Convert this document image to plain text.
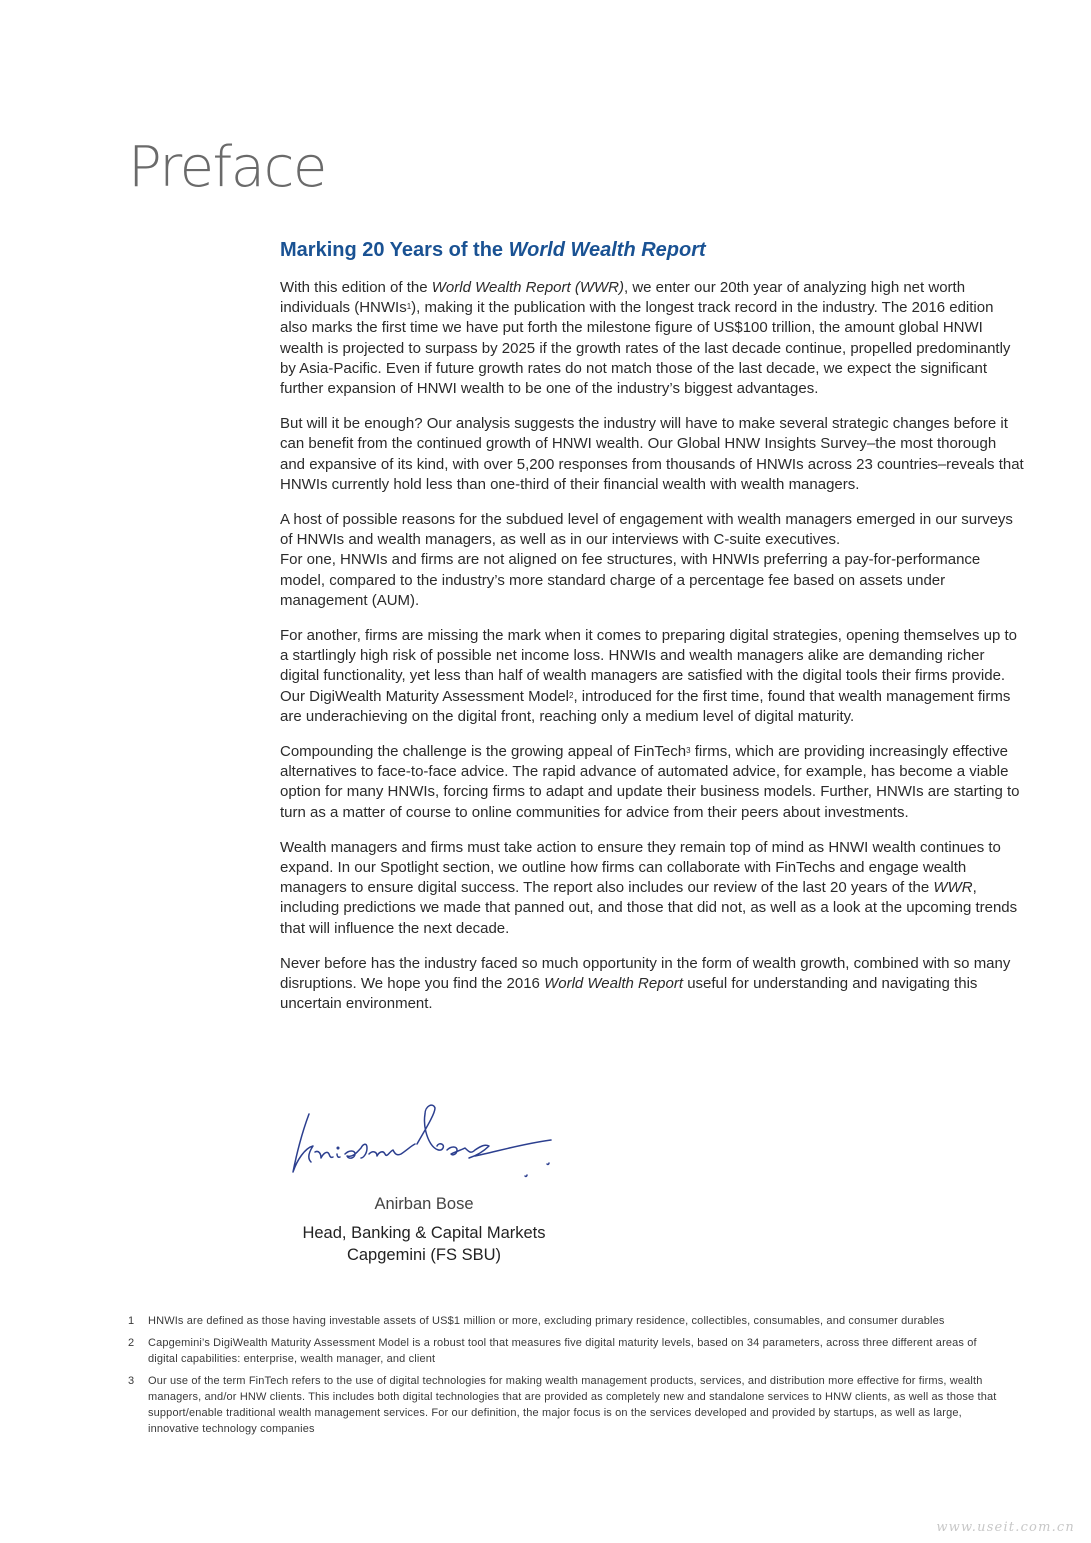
Preface
Marking 20 Years of the World Wealth Report

With this edition of the World Wealth Report (WWR), we enter our 20th year of analyzing high net worth individuals (HNWIs$^1$), making it the publication with the longest track record in the industry. The 2016 edition also marks the first time we have put forth the milestone figure of US$100 trillion, the amount global HNWI wealth is projected to surpass by 2025 if the growth rates of the last decade continue, propelled predominantly by Asia-Pacific. Even if future growth rates do not match those of the last decade, we expect the significant further expansion of HNWI wealth to be one of the industry’s biggest advantages.

But will it be enough? Our analysis suggests the industry will have to make several strategic changes before it can benefit from the continued growth of HNWI wealth. Our Global HNW Insights Survey–the most thorough and expansive of its kind, with over 5,200 responses from thousands of HNWIs across 23 countries–reveals that HNWIs currently hold less than one-third of their financial wealth with wealth managers.

A host of possible reasons for the subdued level of engagement with wealth managers emerged in our surveys of HNWIs and wealth managers, as well as in our interviews with C-suite executives.
For one, HNWIs and firms are not aligned on fee structures, with HNWIs preferring a pay-for-performance model, compared to the industry’s more standard charge of a percentage fee based on assets under management (AUM).

For another, firms are missing the mark when it comes to preparing digital strategies, opening themselves up to a startlingly high risk of possible net income loss. HNWIs and wealth managers alike are demanding richer digital functionality, yet less than half of wealth managers are satisfied with the digital tools their firms provide. Our DigiWealth Maturity Assessment Model$^2$, introduced for the first time, found that wealth management firms are underachieving on the digital front, reaching only a medium level of digital maturity.

Compounding the challenge is the growing appeal of FinTech$^3$ firms, which are providing increasingly effective alternatives to face-to-face advice. The rapid advance of automated advice, for example, has become a viable option for many HNWIs, forcing firms to adapt and update their business models. Further, HNWIs are starting to turn as a matter of course to online communities for advice from their peers about investments.

Wealth managers and firms must take action to ensure they remain top of mind as HNWI wealth continues to expand. In our Spotlight section, we outline how firms can collaborate with FinTechs and engage wealth managers to ensure digital success. The report also includes our review of the last 20 years of the WWR, including predictions we made that panned out, and those that did not, as well as a look at the upcoming trends that will influence the next decade.

Never before has the industry faced so much opportunity in the form of wealth growth, combined with so many disruptions. We hope you find the 2016 World Wealth Report useful for understanding and navigating this uncertain environment.

Anirban Bose

Head, Banking & Capital Markets

Capgemini (FS SBU)

1	HNWIs are defined as those having investable assets of US$1 million or more, excluding primary residence, collectibles, consumables, and consumer durables
2	Capgemini’s DigiWealth Maturity Assessment Model is a robust tool that measures five digital maturity levels, based on 34 parameters, across three different areas of digital capabilities: enterprise, wealth manager, and client
3	Our use of the term FinTech refers to the use of digital technologies for making wealth management products, services, and distribution more effective for firms, wealth managers, and/or HNW clients. This includes both digital technologies that are provided as completely new and standalone services to HNW clients, as well as those that support/enable traditional wealth management services. For our definition, the major focus is on the services developed and provided by startups, as well as large, innovative technology companies

www.useit.com.cn
